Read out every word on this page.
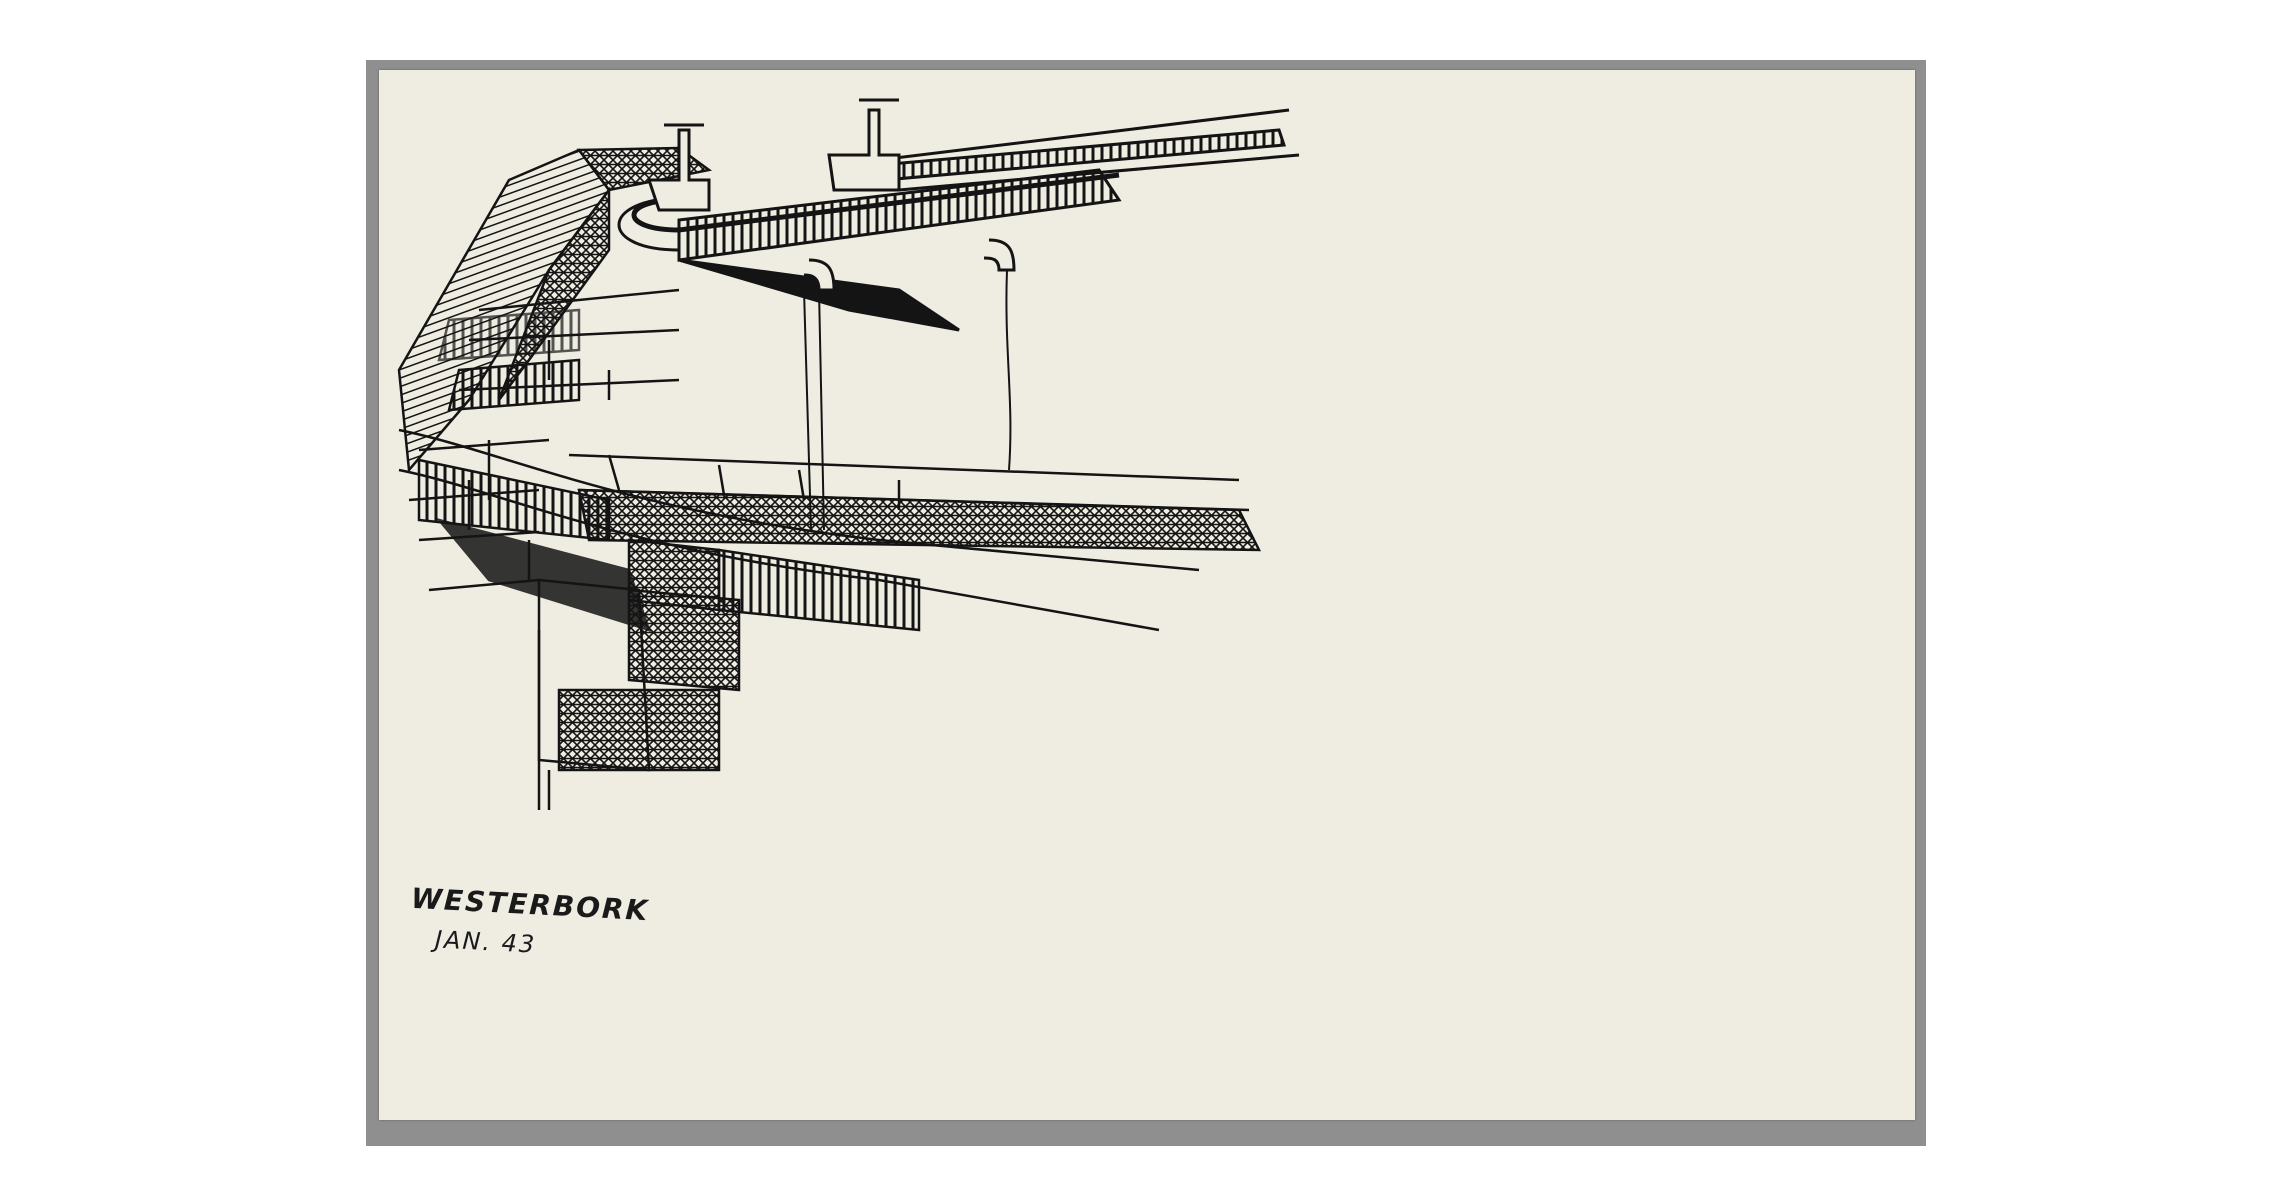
WESTERBORK
JAN. 43
